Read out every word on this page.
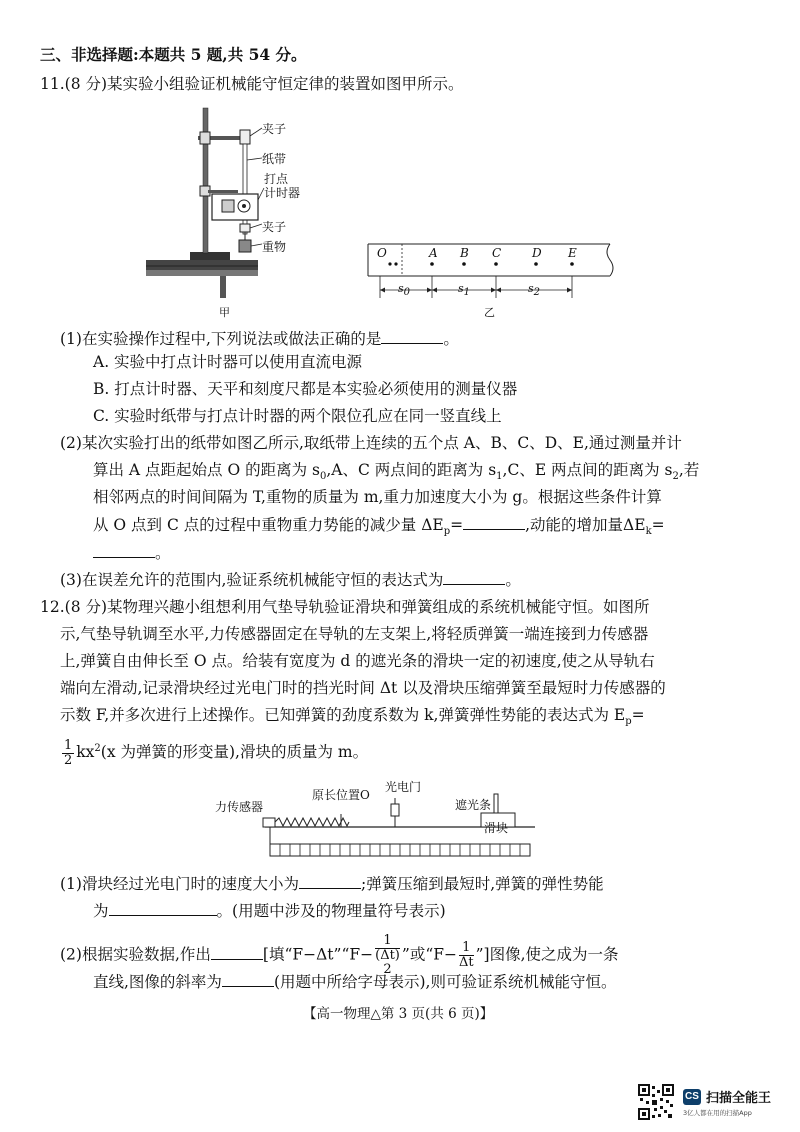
三、非选择题:本题共 5 题,共 54 分。
11.(8 分)某实验小组验证机械能守恒定律的装置如图甲所示。
夹子
纸带
打点
计时器
夹子
重物
甲
O	A B C	D E
s0	s1	s2
乙
(1)在实验操作过程中,下列说法或做法正确的是	。
A. 实验中打点计时器可以使用直流电源
B. 打点计时器、天平和刻度尺都是本实验必须使用的测量仪器
C. 实验时纸带与打点计时器的两个限位孔应在同一竖直线上
(2)某次实验打出的纸带如图乙所示,取纸带上连续的五个点 A、B、C、D、E,通过测量并计
算出 A 点距起始点 O 的距离为 $s_0,A$、C 两点间的距离为 $s_1,C$、E 两点间的距离为 $s_2$,若
相邻两点的时间间隔为 T,重物的质量为 m,重力加速度大小为 g。根据这些条件计算
从 O 点到 C 点的过程中重物重力势能的减少量 $\Delta E_p=$	,动能的增加量$\Delta E_k=$
。
(3)在误差允许的范围内,验证系统机械能守恒的表达式为	。
12.(8 分)某物理兴趣小组想利用气垫导轨验证滑块和弹簧组成的系统机械能守恒。如图所
示,气垫导轨调至水平,力传感器固定在导轨的左支架上,将轻质弹簧一端连接到力传感器
上,弹簧自由伸长至 O 点。给装有宽度为 d 的遮光条的滑块一定的初速度,使之从导轨右
端向左滑动,记录滑块经过光电门时的挡光时间 Δt 以及滑块压缩弹簧至最短时力传感器的
示数 F,并多次进行上述操作。已知弹簧的劲度系数为 k,弹簧弹性势能的表达式为 $E_p=$
$\frac{1}{2} kx^2(x$ 为弹簧的形变量),滑块的质量为 m。
力传感器
原长位置O
光电门
遮光条
滑块
(1)滑块经过光电门时的速度大小为	;弹簧压缩到最短时,弹簧的弹性势能
为	。(用题中涉及的物理量符号表示)
(2)根据实验数据,作出	[填“F−Δt”“F− 1
(Δt)
2 ”或“$F- \frac{1}{\Delta t}$ ”]图像,使之成为一条
直线,图像的斜率为	(用题中所给字母表示),则可验证系统机械能守恒。
【高一物理△第 3 页(共 6 页)】
CS 扫描全能王
3亿人都在用的扫描App
